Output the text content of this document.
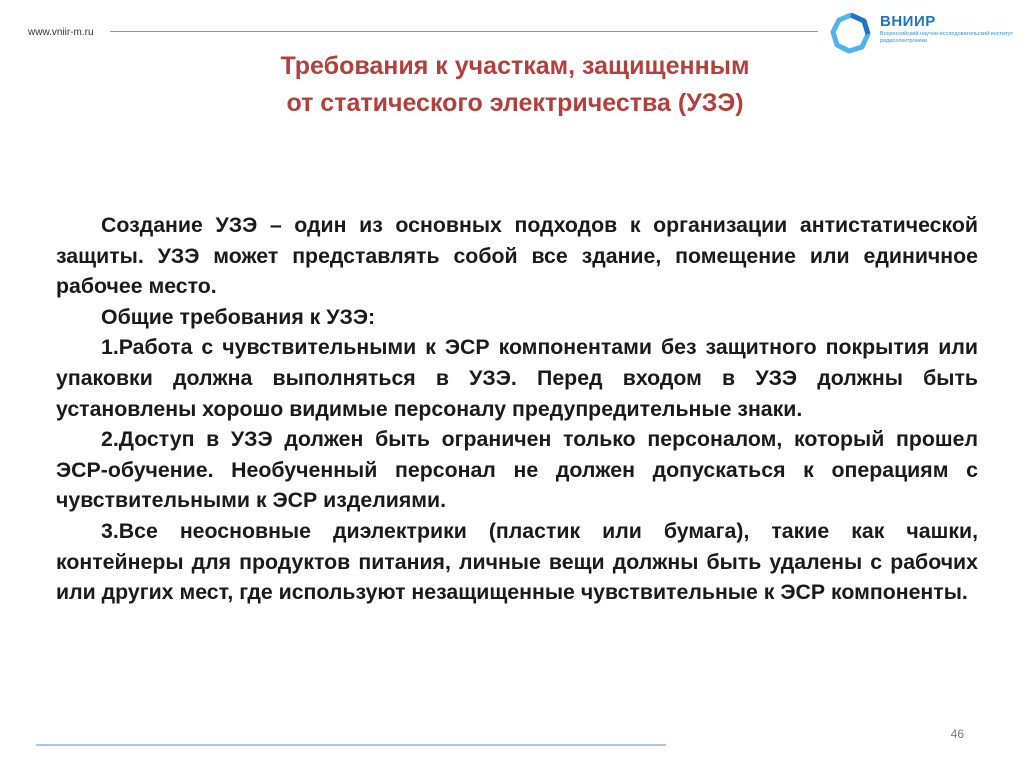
www.vniir-m.ru
ВНИИР
Всероссийский научно-исследовательский институт радиоэлектроники
Требования к участкам, защищенным
от статического электричества (УЗЭ)

Создание УЗЭ – один из основных подходов к организации антистатической защиты. УЗЭ может представлять собой все здание, помещение или единичное рабочее место.

Общие требования к УЗЭ:

1.Работа с чувствительными к ЭСР компонентами без защитного покрытия или упаковки должна выполняться в УЗЭ. Перед входом в УЗЭ должны быть установлены хорошо видимые персоналу предупредительные знаки.

2.Доступ в УЗЭ должен быть ограничен только персоналом, который прошел ЭСР-обучение. Необученный персонал не должен допускаться к операциям с чувствительными к ЭСР изделиями.

3.Все неосновные диэлектрики (пластик или бумага), такие как чашки, контейнеры для продуктов питания, личные вещи должны быть удалены с рабочих или других мест, где используют незащищенные чувствительные к ЭСР компоненты.

46
